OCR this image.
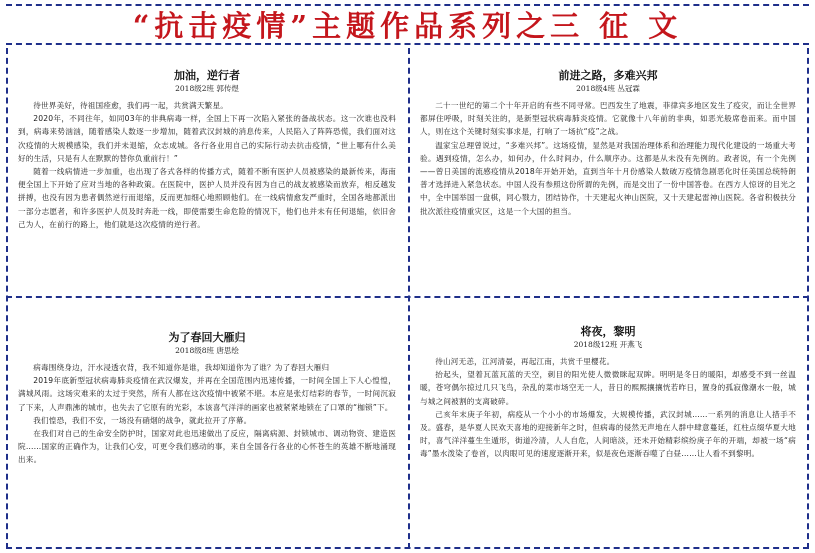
“抗击疫情”主题作品系列之三 征 文

加油，逆行者

2018级2班 郭传煜

待世界美好，待祖国痊愈，我们再一起，共赏满天繁星。

2020年，不同往年，如同03年的非典病毒一样，全国上下再一次陷入紧张的备战状态。这一次谁也没料到，病毒来势汹汹，随着感染人数逐一步增加，随着武汉封城的消息传来，人民陷入了阵阵恐慌，我们面对这次疫情的大规模感染，我们并未退缩，众志成城。各行各业用自己的实际行动去抗击疫情，“世上哪有什么美好的生活，只是有人在默默的替你负重前行！”

随着一线病情进一步加重，也出现了各式各样的传播方式，随着不断有医护人员被感染的最新传来，海南便全国上下开始了应对当地的各种政策。在医院中，医护人员并没有因为自己的战友被感染而放弃，相反越发拼搏，也没有因为患者偶然逆行而退缩，反而更加细心地照顾他们。在一线病情愈发严重时，全国各地都派出一部分志愿者，和许多医护人员及时奔赴一线，即使需要生命危险的情况下，他们也并未有任何退缩，依旧舍己为人，在前行的路上，他们就是这次疫情的逆行者。

前进之路，多难兴邦

2018级4班 丛冠霖

二十一世纪的第二个十年开启的有些不同寻常。巴西发生了地震，菲律宾多地区发生了疫灾，而让全世界都屏住呼吸，时刻关注的，是新型冠状病毒肺炎疫情。它就像十八年前的非典，如恶光般席卷而来。而中国人，则在这个关键时刻实事求是，打响了一场抗“疫”之战。

温家宝总理曾说过，“多难兴邦”。这场疫情，显然是对我国治理体系和治理能力现代化建设的一场重大考验。遇到疫情，怎么办，如何办，什么时间办，什么顺序办。这都是从未没有先例的。政者说，有一个先例——曾日美国的流感疫情从2018年开始开始，直到当年十月份感染人数破万疫情急剧恶化时任美国总统特朗普才选择进入紧急状态。中国人没有参照这份所谓的先例，而是交出了一份中国答卷。在西方人惊讶的目光之中，全中国举国一盘棋，同心戮力，团结协作，十天建起火神山医院，又十天建起雷神山医院。各省积极扶分批次派往疫情重灾区，这是一个大国的担当。

为了春回大雁归

2018级8班 唐思绘

病毒围绕身边，汗水浸透衣背，我不知道你是谁，我却知道你为了谁？为了春回大雁归

2019年底新型冠状病毒肺炎疫情在武汉爆发，并再在全国范围内迅速传播，一时间全国上下人心惶惶，满城风雨。这场灾难来的太过于突然，所有人都在这次疫情中被紧不堪。本应是张灯结彩的春节，一时间沉寂了下来，人声鼎沸的城市，也失去了它原有的光彩，本该喜气洋洋的画家也被紧紧地锁在了口罩的“枷锁”下。

我们惶恐，我们不安，一场没有硝烟的战争，就此拉开了序幕。

在我们对自己的生命安全防护时，国家对此也迅速做出了反应，隔离病源、封锁城市、调动物资、建造医院……国家的正确作为，让我们心安，可更令我们感动的事，来自全国各行各业的心怀苍生的英雄不断地涌现出来。

将夜，黎明

2018级12班 开燕飞

待山河无恙，江河清晏，再起江南，共赏千里樱花。

抬起头，望着瓦蓝瓦蓝的天空，刺目的阳光使人微微眯起双眸。明明是冬日的暖阳，却感受不到一丝温暖，苍穹偶尔掠过几只飞鸟，杂乱的菜市场空无一人，昔日的熙熙攘攘恍若昨日，置身的孤寂像潮水一般，城与城之间被割的支离破碎。

己亥年末庚子年初，病疫从一个小小的市场爆发，大规模传播，武汉封城……一系列的消息让人措手不及。盛春，是华夏人民欢天喜地的迎接新年之时，但病毒的侵然无声地在人群中肆意蔓延，红柱点缀华夏大地时，喜气洋洋蔓生生遁形，街道冷清，人人自危，人间暗淡，还未开始精彩缤纷庚子年的开端，却被一场“病毒”墨水泼染了卷首，以肉眼可见的速度逐渐开来，似是夜色逐渐吞噬了白昼……让人看不到黎明。
